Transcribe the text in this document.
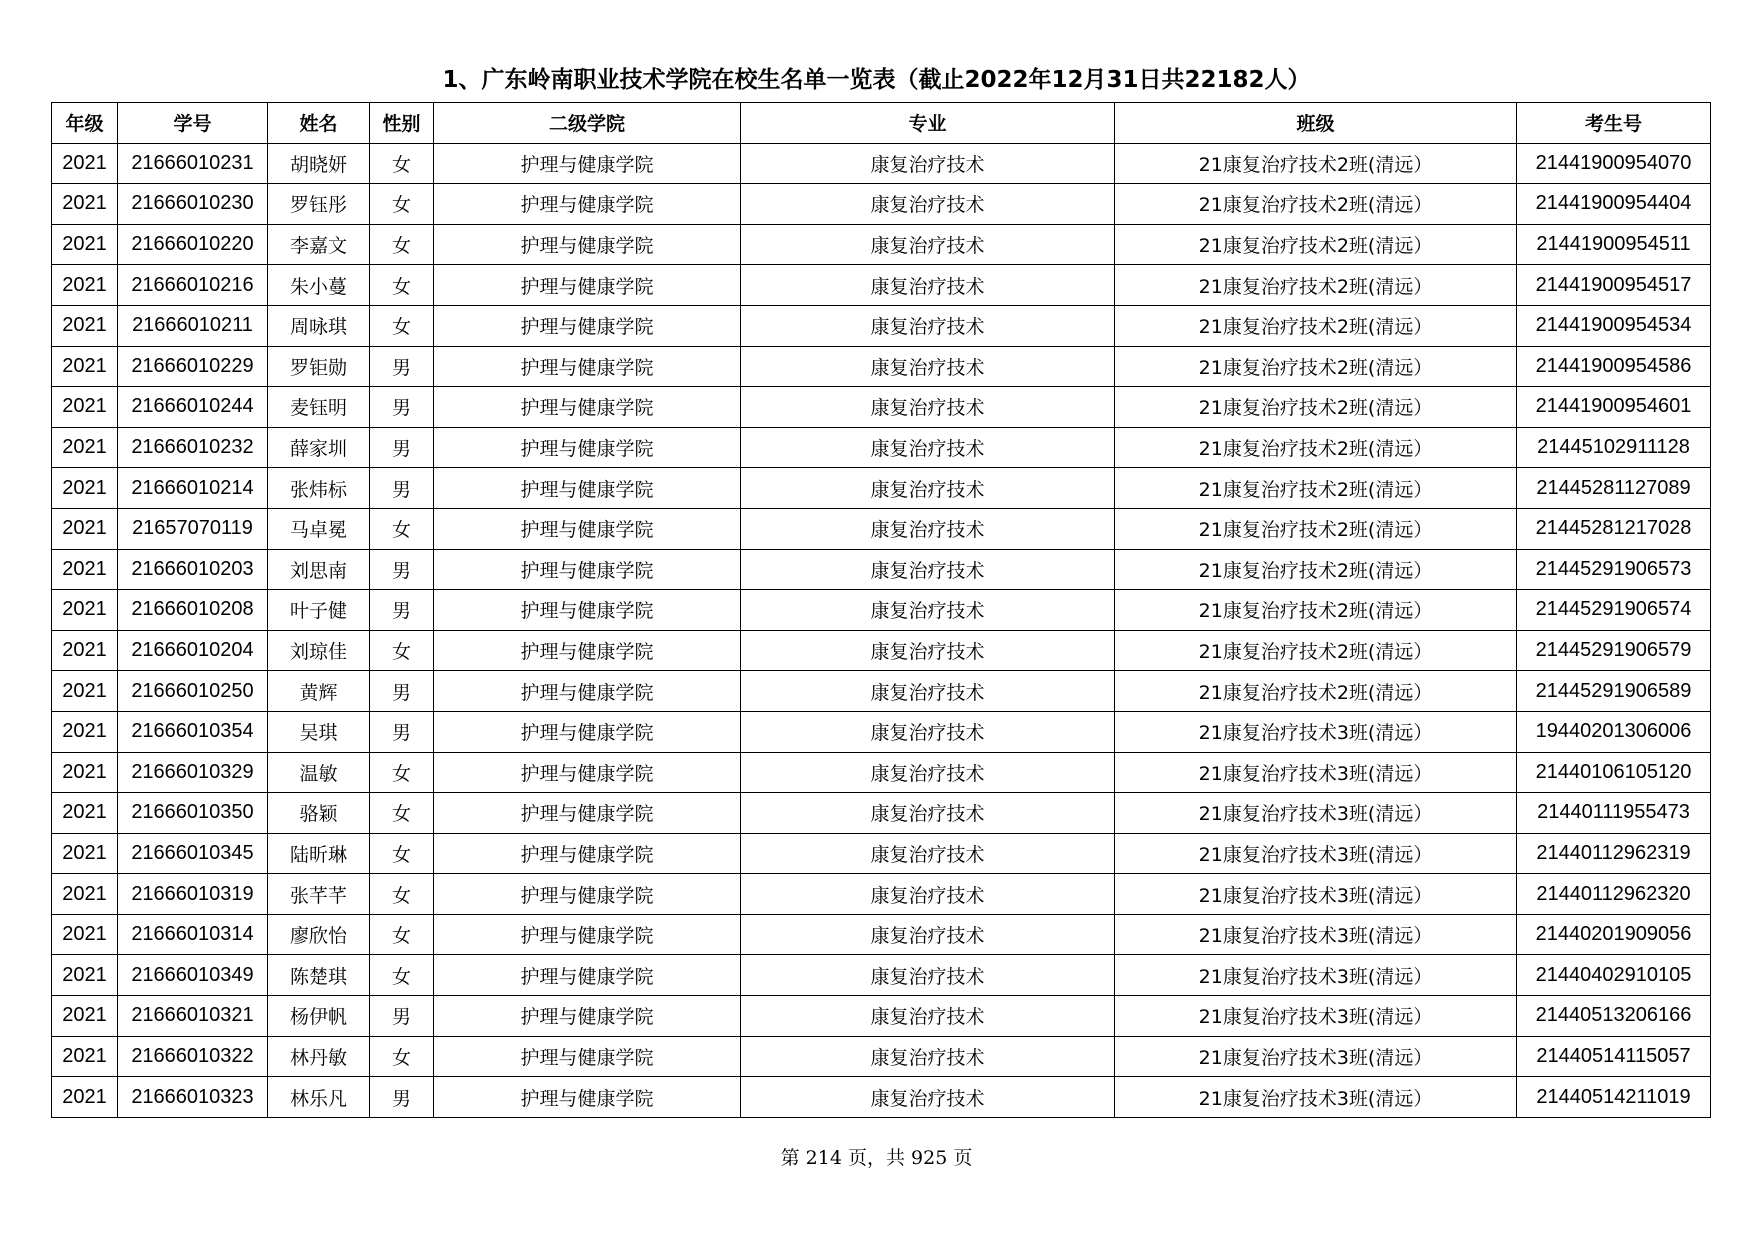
1、广东岭南职业技术学院在校生名单一览表（截止2022年12月31日共22182人）
年级	学号	姓名	性别	二级学院	专业	班级	考生号
2021	21666010231	胡晓妍	女	护理与健康学院	康复治疗技术	21康复治疗技术2班(清远）	21441900954070
2021	21666010230	罗钰彤	女	护理与健康学院	康复治疗技术	21康复治疗技术2班(清远）	21441900954404
2021	21666010220	李嘉文	女	护理与健康学院	康复治疗技术	21康复治疗技术2班(清远）	21441900954511
2021	21666010216	朱小蔓	女	护理与健康学院	康复治疗技术	21康复治疗技术2班(清远）	21441900954517
2021	21666010211	周咏琪	女	护理与健康学院	康复治疗技术	21康复治疗技术2班(清远）	21441900954534
2021	21666010229	罗钜勋	男	护理与健康学院	康复治疗技术	21康复治疗技术2班(清远）	21441900954586
2021	21666010244	麦钰明	男	护理与健康学院	康复治疗技术	21康复治疗技术2班(清远）	21441900954601
2021	21666010232	薛家圳	男	护理与健康学院	康复治疗技术	21康复治疗技术2班(清远）	21445102911128
2021	21666010214	张炜标	男	护理与健康学院	康复治疗技术	21康复治疗技术2班(清远）	21445281127089
2021	21657070119	马卓冕	女	护理与健康学院	康复治疗技术	21康复治疗技术2班(清远）	21445281217028
2021	21666010203	刘思南	男	护理与健康学院	康复治疗技术	21康复治疗技术2班(清远）	21445291906573
2021	21666010208	叶子健	男	护理与健康学院	康复治疗技术	21康复治疗技术2班(清远）	21445291906574
2021	21666010204	刘琼佳	女	护理与健康学院	康复治疗技术	21康复治疗技术2班(清远）	21445291906579
2021	21666010250	黄辉	男	护理与健康学院	康复治疗技术	21康复治疗技术2班(清远）	21445291906589
2021	21666010354	吴琪	男	护理与健康学院	康复治疗技术	21康复治疗技术3班(清远）	19440201306006
2021	21666010329	温敏	女	护理与健康学院	康复治疗技术	21康复治疗技术3班(清远）	21440106105120
2021	21666010350	骆颖	女	护理与健康学院	康复治疗技术	21康复治疗技术3班(清远）	21440111955473
2021	21666010345	陆昕琳	女	护理与健康学院	康复治疗技术	21康复治疗技术3班(清远）	21440112962319
2021	21666010319	张芊芊	女	护理与健康学院	康复治疗技术	21康复治疗技术3班(清远）	21440112962320
2021	21666010314	廖欣怡	女	护理与健康学院	康复治疗技术	21康复治疗技术3班(清远）	21440201909056
2021	21666010349	陈楚琪	女	护理与健康学院	康复治疗技术	21康复治疗技术3班(清远）	21440402910105
2021	21666010321	杨伊帆	男	护理与健康学院	康复治疗技术	21康复治疗技术3班(清远）	21440513206166
2021	21666010322	林丹敏	女	护理与健康学院	康复治疗技术	21康复治疗技术3班(清远）	21440514115057
2021	21666010323	林乐凡	男	护理与健康学院	康复治疗技术	21康复治疗技术3班(清远）	21440514211019
第 214 页，共 925 页
